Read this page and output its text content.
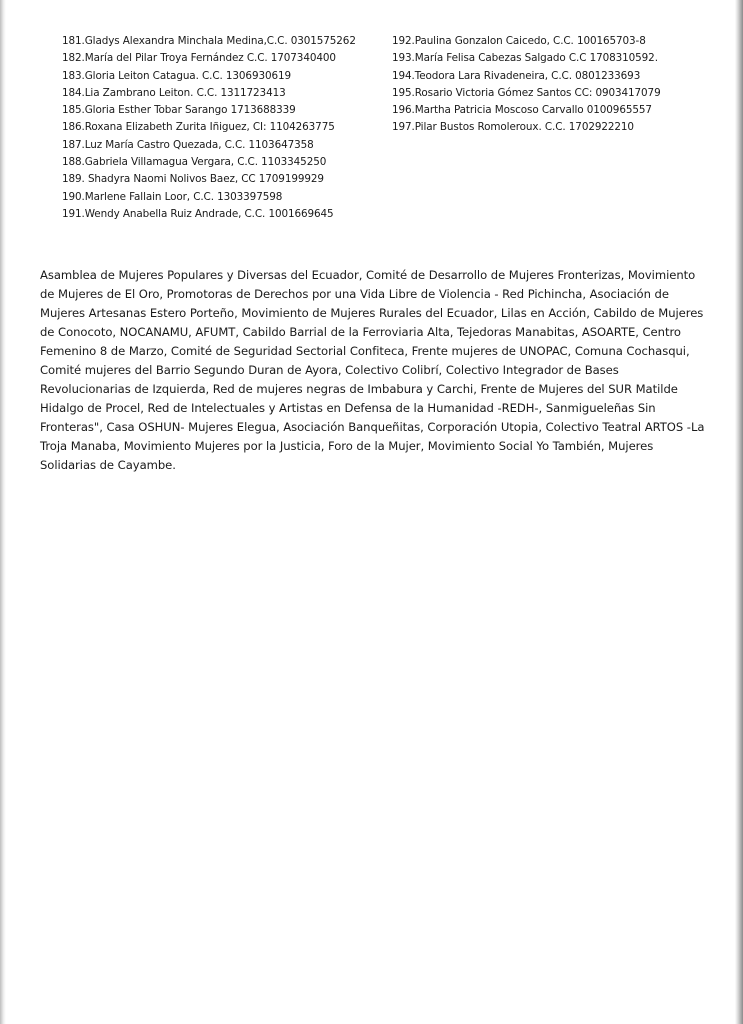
181.Gladys Alexandra Minchala Medina,C.C. 0301575262
182.María del Pilar Troya Fernández C.C. 1707340400
183.Gloria Leiton Catagua. C.C. 1306930619
184.Lia Zambrano Leiton. C.C. 1311723413
185.Gloria Esther Tobar Sarango 1713688339
186.Roxana Elizabeth Zurita Iñiguez, CI: 1104263775
187.Luz María Castro Quezada, C.C. 1103647358
188.Gabriela Villamagua Vergara, C.C. 1103345250
189. Shadyra Naomi Nolivos Baez, CC 1709199929
190.Marlene Fallain Loor, C.C. 1303397598
191.Wendy Anabella Ruiz Andrade, C.C. 1001669645
192.Paulina Gonzalon Caicedo, C.C. 100165703-8
193.María Felisa Cabezas Salgado C.C 1708310592.
194.Teodora Lara Rivadeneira, C.C. 0801233693
195.Rosario Victoria Gómez Santos CC: 0903417079
196.Martha Patricia Moscoso Carvallo 0100965557
197.Pilar Bustos Romoleroux. C.C. 1702922210

Asamblea de Mujeres Populares y Diversas del Ecuador, Comité de Desarrollo de Mujeres Fronterizas, Movimiento de Mujeres de El Oro, Promotoras de Derechos por una Vida Libre de Violencia - Red Pichincha, Asociación de Mujeres Artesanas Estero Porteño, Movimiento de Mujeres Rurales del Ecuador, Lilas en Acción, Cabildo de Mujeres de Conocoto, NOCANAMU, AFUMT, Cabildo Barrial de la Ferroviaria Alta, Tejedoras Manabitas, ASOARTE, Centro Femenino 8 de Marzo, Comité de Seguridad Sectorial Confiteca, Frente mujeres de UNOPAC, Comuna Cochasqui, Comité mujeres del Barrio Segundo Duran de Ayora, Colectivo Colibrí, Colectivo Integrador de Bases Revolucionarias de Izquierda, Red de mujeres negras de Imbabura y Carchi, Frente de Mujeres del SUR Matilde Hidalgo de Procel, Red de Intelectuales y Artistas en Defensa de la Humanidad -REDH-, Sanmigueleñas Sin Fronteras", Casa OSHUN- Mujeres Elegua, Asociación Banqueñitas, Corporación Utopia, Colectivo Teatral ARTOS -La Troja Manaba, Movimiento Mujeres por la Justicia, Foro de la Mujer, Movimiento Social Yo También, Mujeres Solidarias de Cayambe.
